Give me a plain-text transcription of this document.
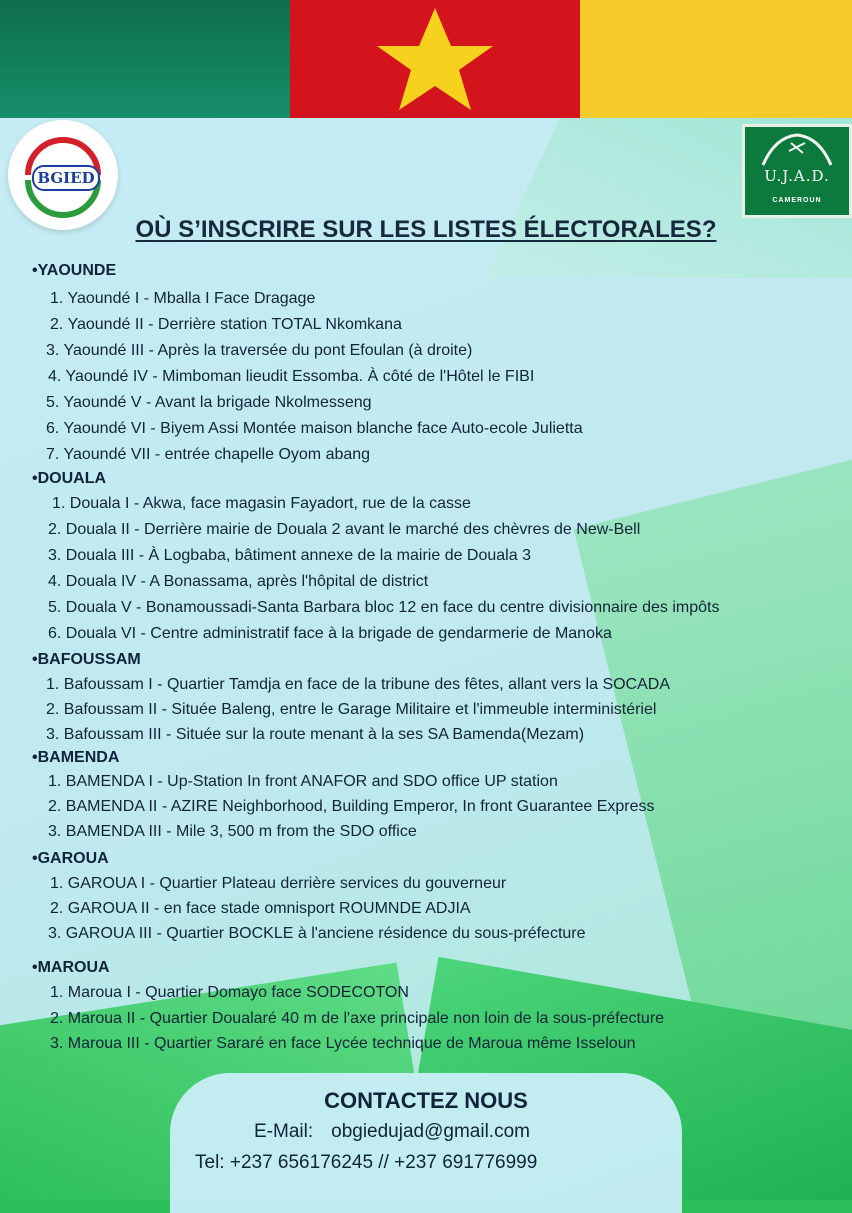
BGIED	U.J.A.D.
CAMEROUN
OÙ S’INSCRIRE SUR LES LISTES ÉLECTORALES?
•YAOUNDE
1. Yaoundé I - Mballa I Face Dragage
2. Yaoundé II - Derrière station TOTAL Nkomkana
3. Yaoundé III - Après la traversée du pont Efoulan (à droite)
4. Yaoundé IV - Mimboman lieudit Essomba. À côté de l'Hôtel le FIBI
5. Yaoundé V - Avant la brigade Nkolmesseng
6. Yaoundé VI - Biyem Assi Montée maison blanche face Auto-ecole Julietta
7. Yaoundé VII - entrée chapelle Oyom abang
•DOUALA
1. Douala I - Akwa, face magasin Fayadort, rue de la casse
2. Douala II - Derrière mairie de Douala 2 avant le marché des chèvres de New-Bell
3. Douala III - À Logbaba, bâtiment annexe de la mairie de Douala 3
4. Douala IV - A Bonassama, après l'hôpital de district
5. Douala V - Bonamoussadi-Santa Barbara bloc 12 en face du centre divisionnaire des impôts
6. Douala VI - Centre administratif face à la brigade de gendarmerie de Manoka
•BAFOUSSAM
1. Bafoussam I - Quartier Tamdja en face de la tribune des fêtes, allant vers la SOCADA
2. Bafoussam II - Située Baleng, entre le Garage Militaire et l'immeuble interministériel
3. Bafoussam III - Située sur la route menant à la ses SA Bamenda(Mezam)
•BAMENDA
1. BAMENDA I - Up-Station In front ANAFOR and SDO office UP station
2. BAMENDA II - AZIRE Neighborhood, Building Emperor, In front Guarantee Express
3. BAMENDA III - Mile 3, 500 m from the SDO office
•GAROUA
1. GAROUA I - Quartier Plateau derrière services du gouverneur
2. GAROUA II - en face stade omnisport ROUMNDE ADJIA
3. GAROUA III - Quartier BOCKLE à l'anciene résidence du sous-préfecture
•MAROUA
1. Maroua I - Quartier Domayo face SODECOTON
2. Maroua II - Quartier Doualaré 40 m de l'axe principale non loin de la sous-préfecture
3. Maroua III - Quartier Sararé en face Lycée technique de Maroua même Isseloun
CONTACTEZ NOUS
E-Mail: obgiedujad@gmail.com
Tel: +237 656176245 // +237 691776999
